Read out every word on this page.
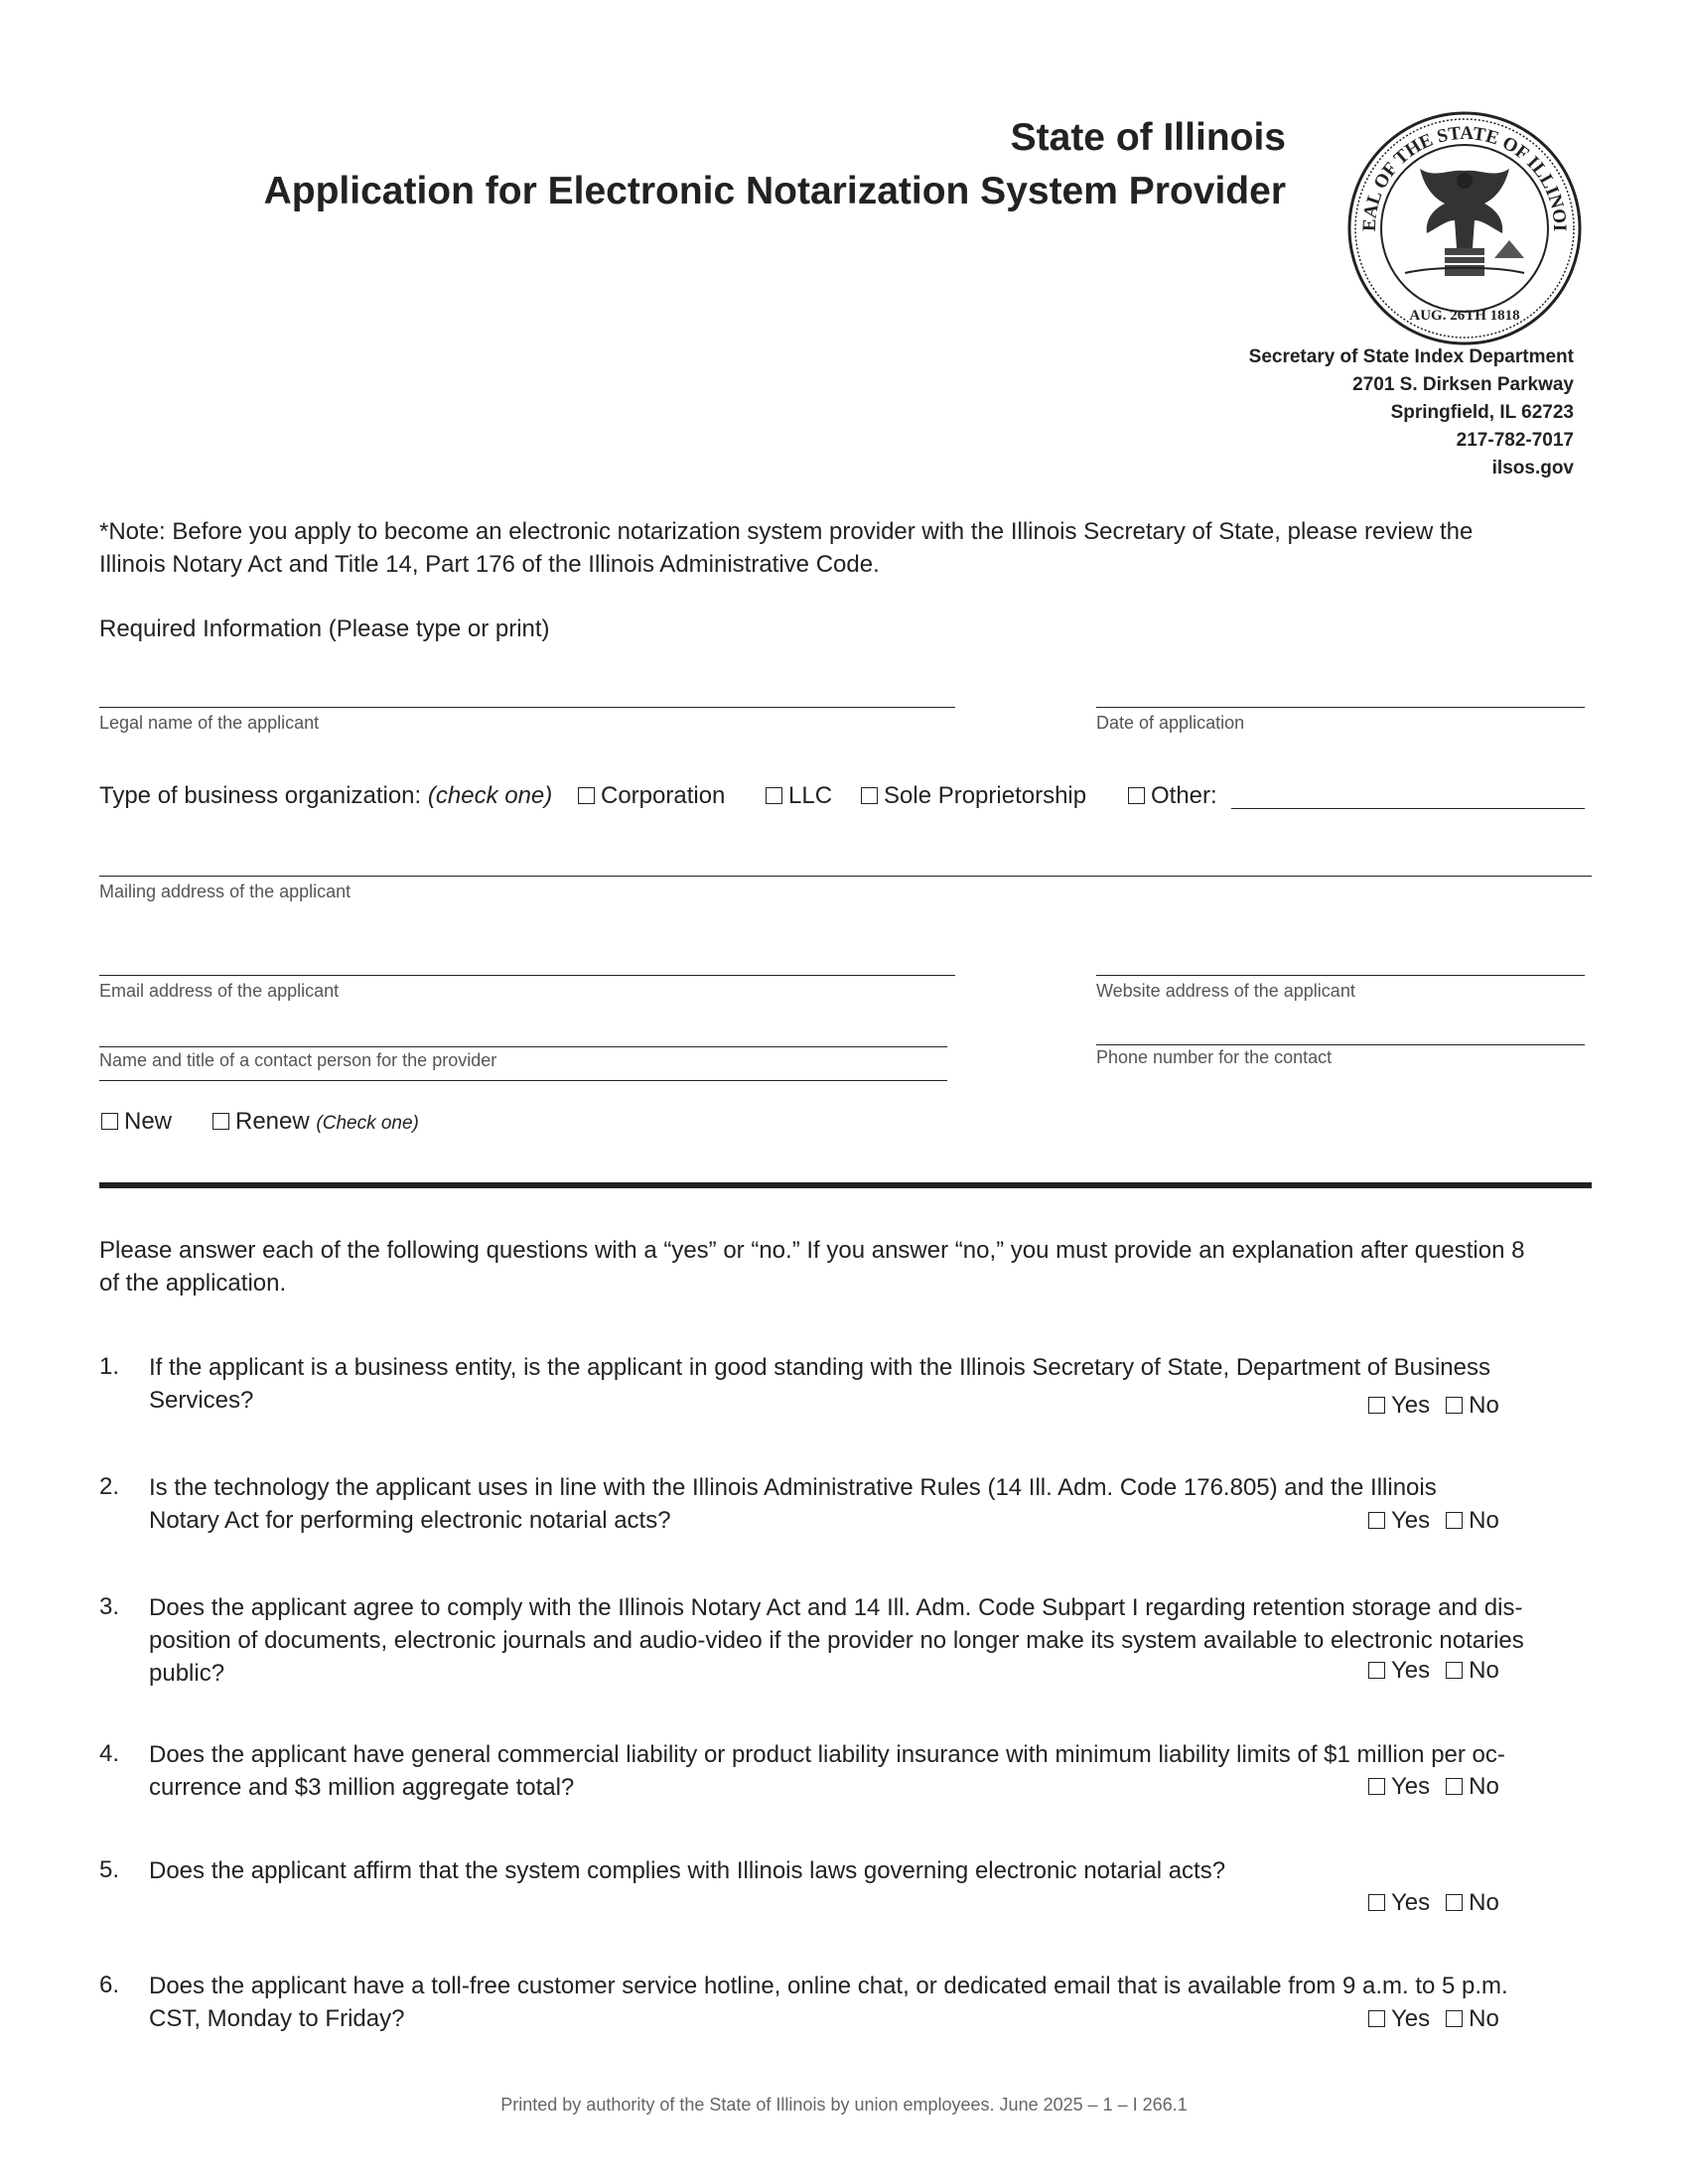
State of Illinois
Application for Electronic Notarization System Provider
EAL OF THE STATE OF ILLINOI
AUG. 26TH 1818
Secretary of State Index Department
2701 S. Dirksen Parkway
Springfield, IL 62723
217-782-7017
ilsos.gov
*Note: Before you apply to become an electronic notarization system provider with the Illinois Secretary of State, please review the
Illinois Notary Act and Title 14, Part 176 of the Illinois Administrative Code.
Required Information (Please type or print)
Legal name of the applicant	Date of application
Type of business organization: (check one)	Corporation	LLC	Sole Proprietorship	Other:
Mailing address of the applicant
Email address of the applicant	Website address of the applicant
Name and title of a contact person for the provider	Phone number for the contact
New	Renew (Check one)
Please answer each of the following questions with a “yes” or “no.” If you answer “no,” you must provide an explanation after question 8
of the application.
1. If the applicant is a business entity, is the applicant in good standing with the Illinois Secretary of State, Department of Business
Services?	Yes No
2. Is the technology the applicant uses in line with the Illinois Administrative Rules (14 Ill. Adm. Code 176.805) and the Illinois
Notary Act for performing electronic notarial acts?	Yes No
3. Does the applicant agree to comply with the Illinois Notary Act and 14 Ill. Adm. Code Subpart I regarding retention storage and dis-
position of documents, electronic journals and audio-video if the provider no longer make its system available to electronic notaries
public?	Yes No
4. Does the applicant have general commercial liability or product liability insurance with minimum liability limits of $1 million per oc-
currence and $3 million aggregate total?	Yes No
5. Does the applicant affirm that the system complies with Illinois laws governing electronic notarial acts?
Yes No
6. Does the applicant have a toll-free customer service hotline, online chat, or dedicated email that is available from 9 a.m. to 5 p.m.
CST, Monday to Friday?	Yes No
Printed by authority of the State of Illinois by union employees. June 2025 – 1 – I 266.1
